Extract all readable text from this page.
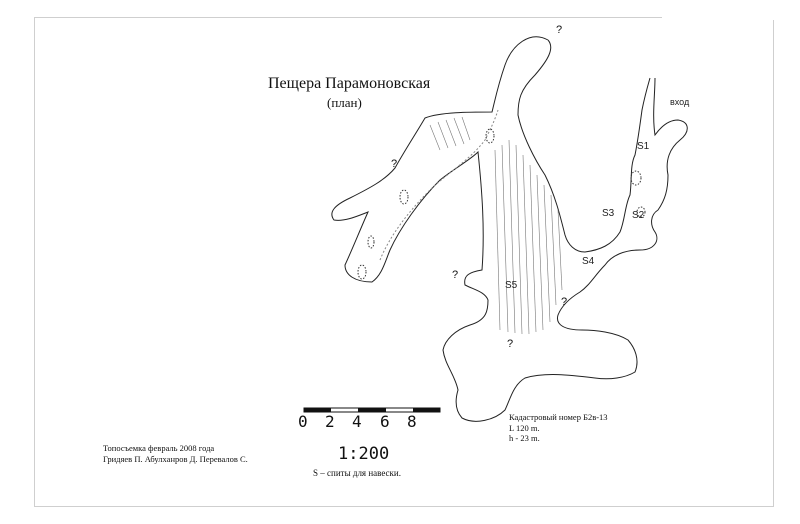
Пещера Парамоновская
(план)	вход
S1
S2
S3
S4
S5
?
?
?
?
?
0 2 4 6 8
1:200
S – спиты для навески.
Топосъемка февраль 2008 года
Гридяев П. Абулханров Д. Перевалов С.
Кадастровый номер Б2в-13
L 120 m.
h - 23 m.
